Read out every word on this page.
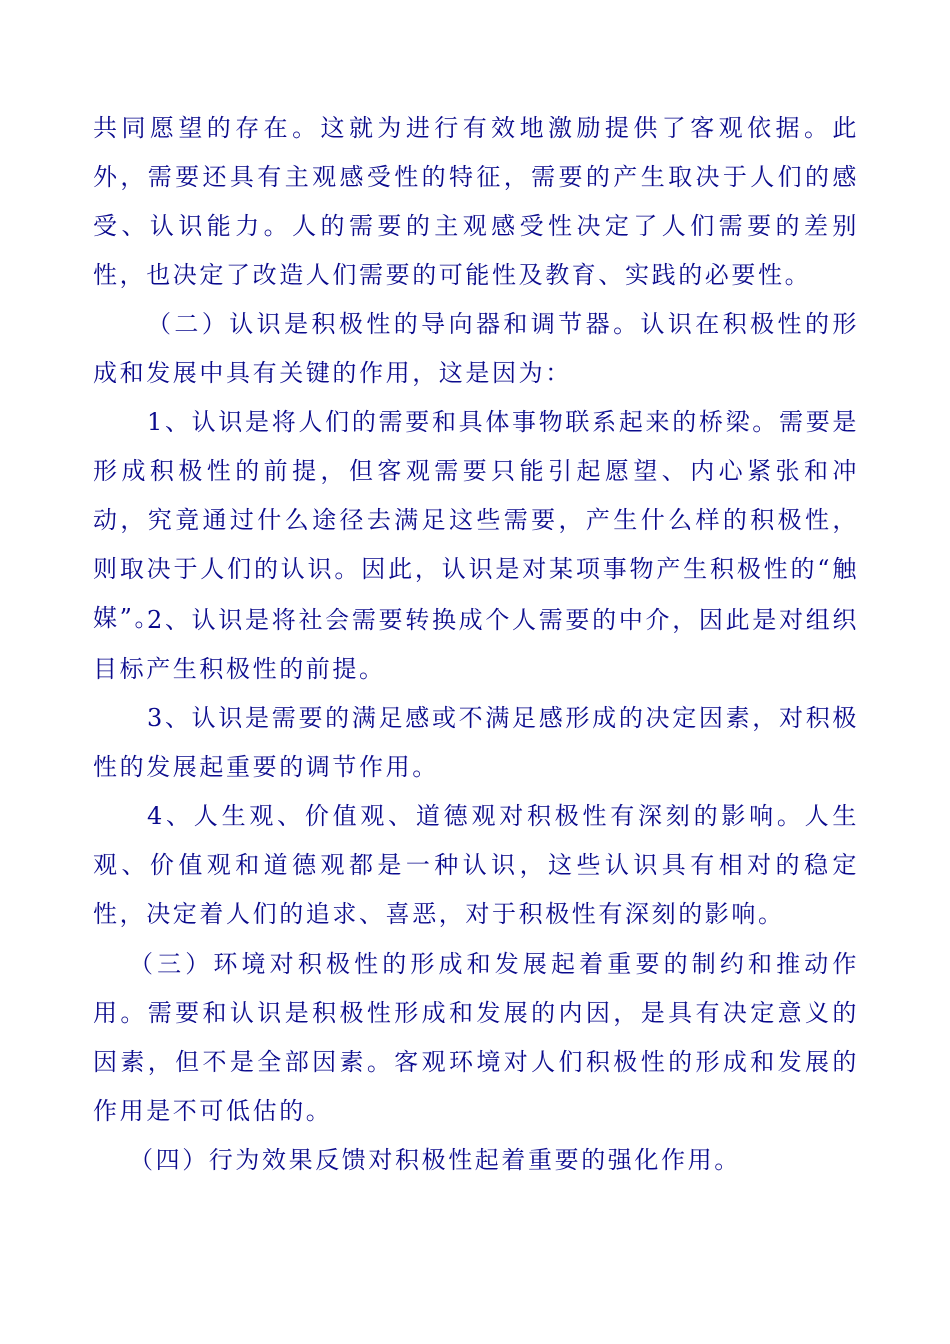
共同愿望的存在。这就为进行有效地激励提供了客观依据。此外，需要还具有主观感受性的特征，需要的产生取决于人们的感受、认识能力。人的需要的主观感受性决定了人们需要的差别性，也决定了改造人们需要的可能性及教育、实践的必要性。

（二）认识是积极性的导向器和调节器。认识在积极性的形成和发展中具有关键的作用，这是因为：

1、认识是将人们的需要和具体事物联系起来的桥梁。需要是形成积极性的前提，但客观需要只能引起愿望、内心紧张和冲动，究竟通过什么途径去满足这些需要，产生什么样的积极性，则取决于人们的认识。因此，认识是对某项事物产生积极性的“触媒”。

2、认识是将社会需要转换成个人需要的中介，因此是对组织目标产生积极性的前提。

3、认识是需要的满足感或不满足感形成的决定因素，对积极性的发展起重要的调节作用。

4、人生观、价值观、道德观对积极性有深刻的影响。人生观、价值观和道德观都是一种认识，这些认识具有相对的稳定性，决定着人们的追求、喜恶，对于积极性有深刻的影响。

（三）环境对积极性的形成和发展起着重要的制约和推动作用。需要和认识是积极性形成和发展的内因，是具有决定意义的因素，但不是全部因素。客观环境对人们积极性的形成和发展的作用是不可低估的。

（四）行为效果反馈对积极性起着重要的强化作用。
